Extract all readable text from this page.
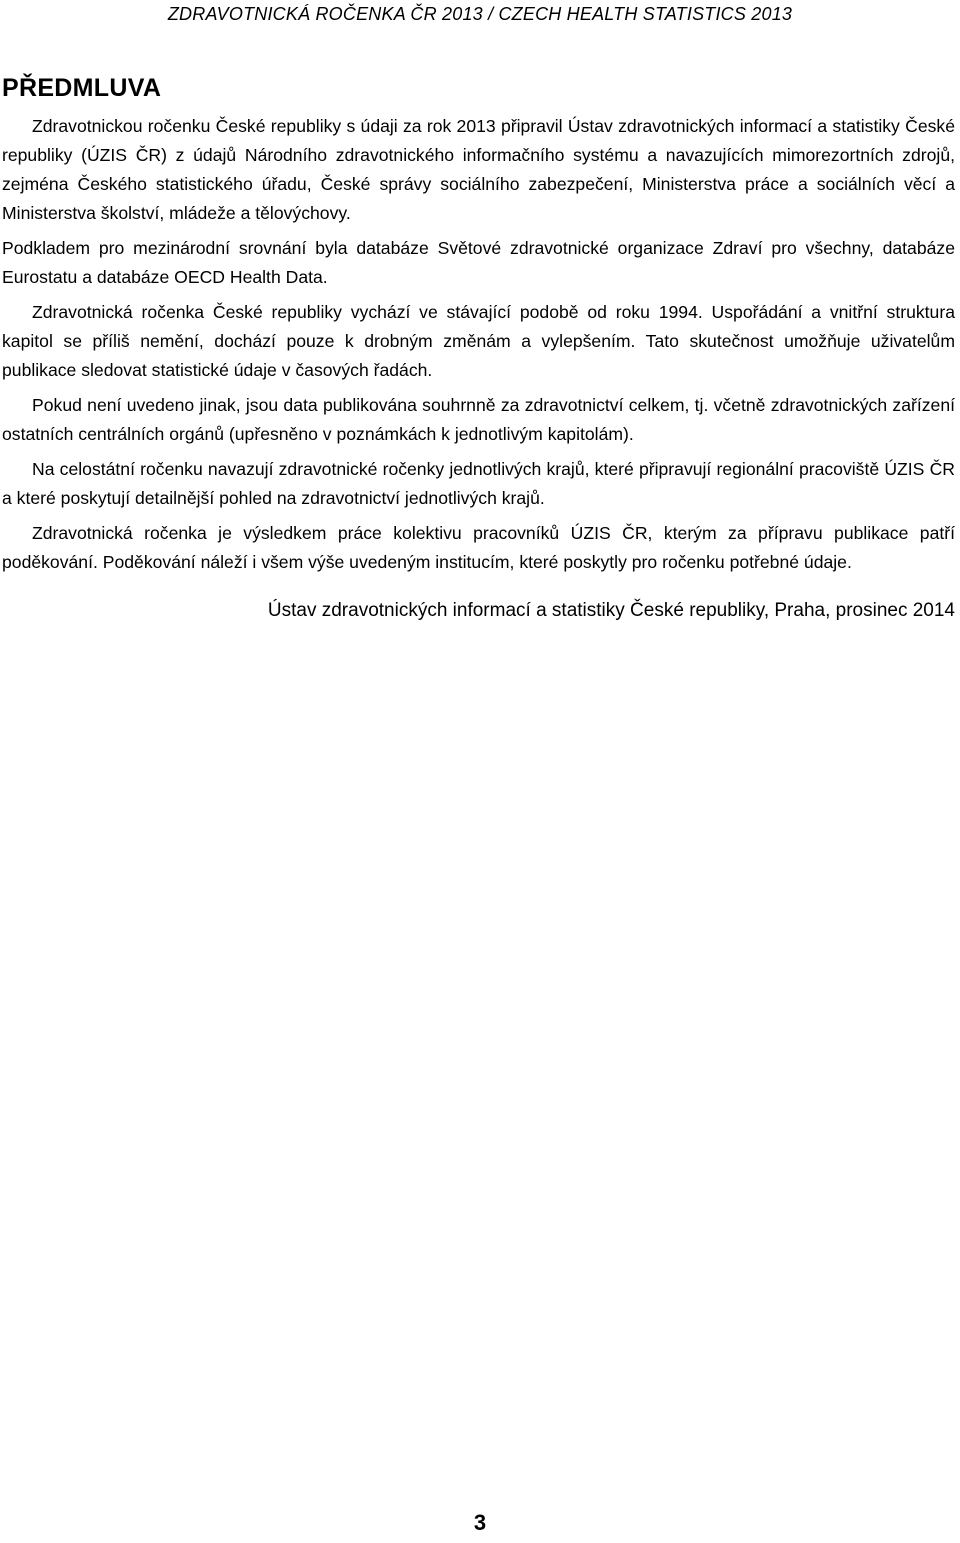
ZDRAVOTNICKÁ ROČENKA ČR 2013 / CZECH HEALTH STATISTICS 2013
PŘEDMLUVA

Zdravotnickou ročenku České republiky s údaji za rok 2013 připravil Ústav zdravotnických informací a statistiky České republiky (ÚZIS ČR) z údajů Národního zdravotnického informačního systému a navazujících mimorezortních zdrojů, zejména Českého statistického úřadu, České správy sociálního zabezpečení, Ministerstva práce a sociálních věcí a Ministerstva školství, mládeže a tělovýchovy.

Podkladem pro mezinárodní srovnání byla databáze Světové zdravotnické organizace Zdraví pro všechny, databáze Eurostatu a databáze OECD Health Data.

Zdravotnická ročenka České republiky vychází ve stávající podobě od roku 1994. Uspořádání a vnitřní struktura kapitol se příliš nemění, dochází pouze k drobným změnám a vylepšením. Tato skutečnost umožňuje uživatelům publikace sledovat statistické údaje v časových řadách.

Pokud není uvedeno jinak, jsou data publikována souhrnně za zdravotnictví celkem, tj. včetně zdravotnických zařízení ostatních centrálních orgánů (upřesněno v poznámkách k jednotlivým kapitolám).

Na celostátní ročenku navazují zdravotnické ročenky jednotlivých krajů, které připravují regionální pracoviště ÚZIS ČR a které poskytují detailnější pohled na zdravotnictví jednotlivých krajů.

Zdravotnická ročenka je výsledkem práce kolektivu pracovníků ÚZIS ČR, kterým za přípravu publikace patří poděkování. Poděkování náleží i všem výše uvedeným institucím, které poskytly pro ročenku potřebné údaje.

Ústav zdravotnických informací a statistiky České republiky, Praha, prosinec 2014
3
